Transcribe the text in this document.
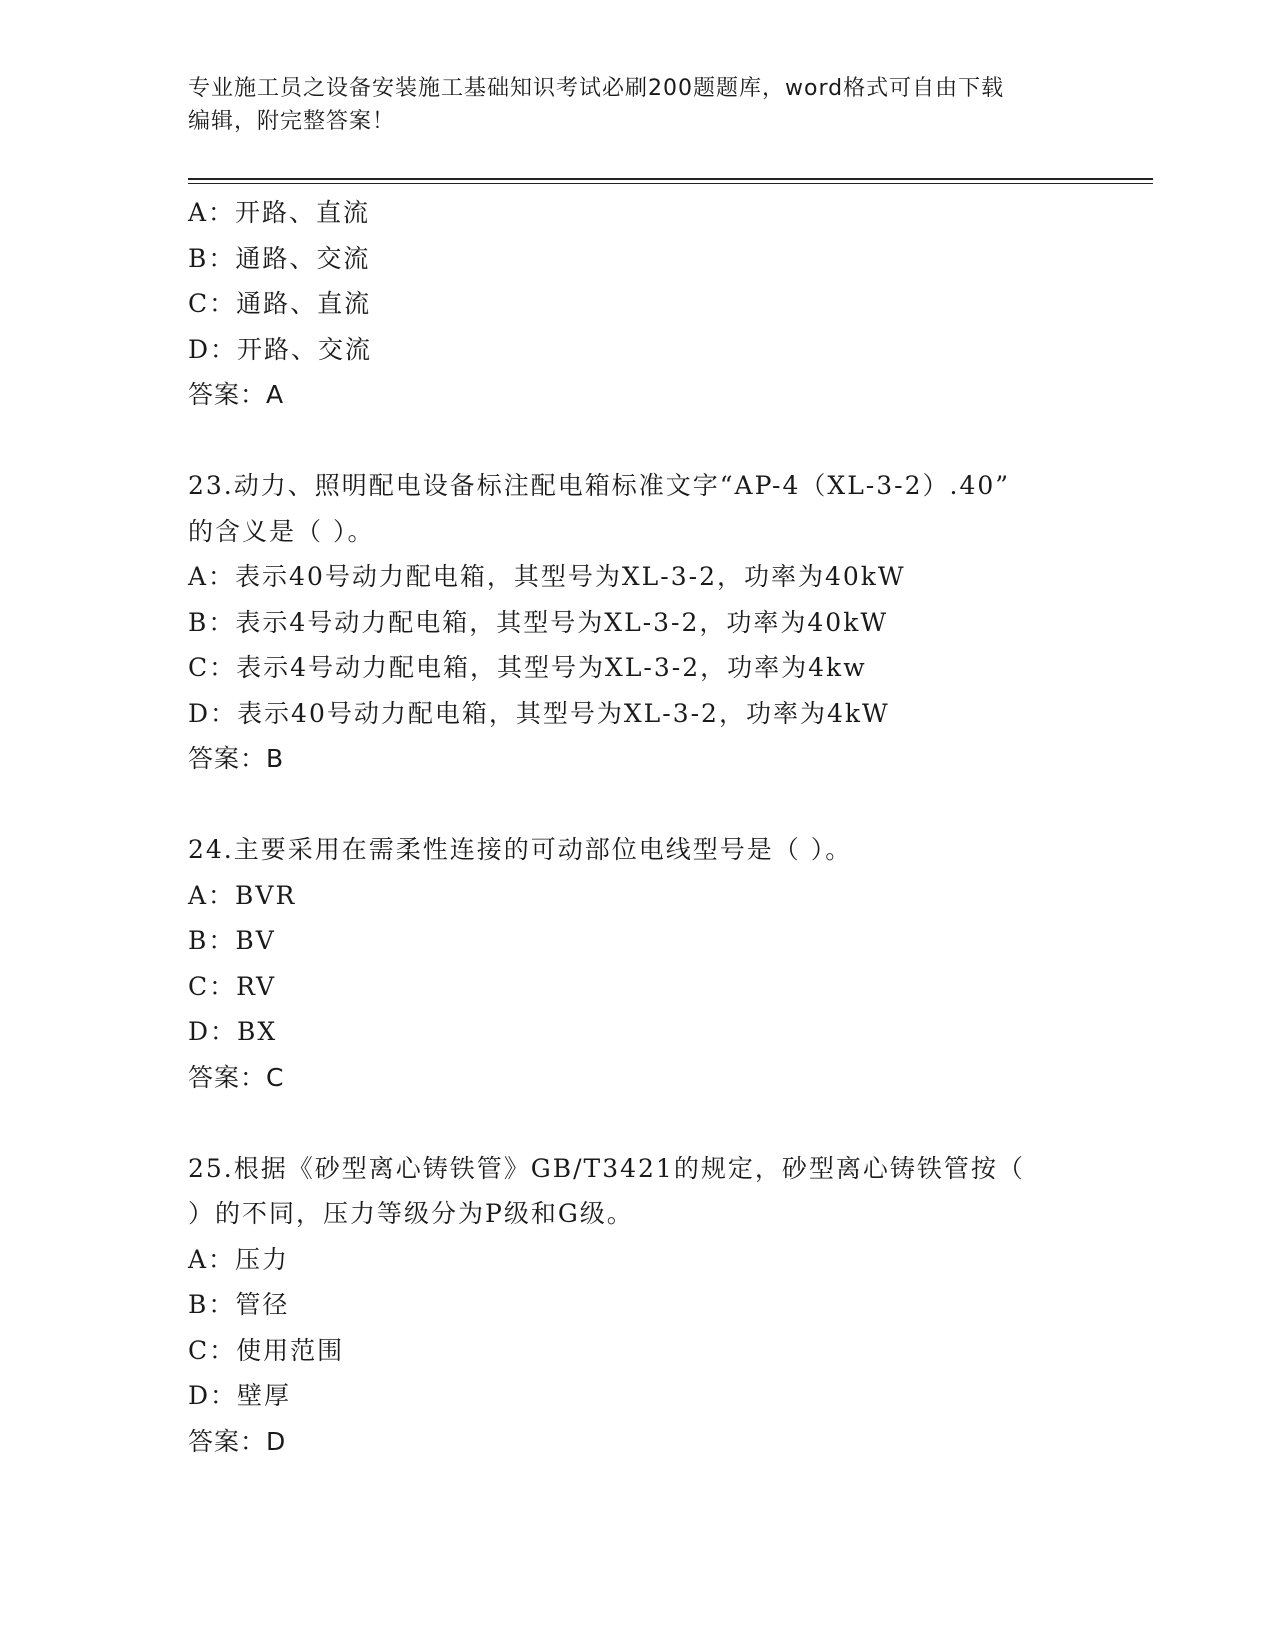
专业施工员之设备安装施工基础知识考试必刷200题题库，word格式可自由下载
编辑，附完整答案！
A：开路、直流
B：通路、交流
C：通路、直流
D：开路、交流
答案：A
23.动力、照明配电设备标注配电箱标准文字“AP-4（XL-3-2）.40”
的含义是（ ）。
A：表示40号动力配电箱，其型号为XL-3-2，功率为40kW
B：表示4号动力配电箱，其型号为XL-3-2，功率为40kW
C：表示4号动力配电箱，其型号为XL-3-2，功率为4kw
D：表示40号动力配电箱，其型号为XL-3-2，功率为4kW
答案：B
24.主要采用在需柔性连接的可动部位电线型号是（ ）。
A：BVR
B：BV
C：RV
D：BX
答案：C
25.根据《砂型离心铸铁管》GB/T3421的规定，砂型离心铸铁管按（
）的不同，压力等级分为P级和G级。
A：压力
B：管径
C：使用范围
D：壁厚
答案：D
